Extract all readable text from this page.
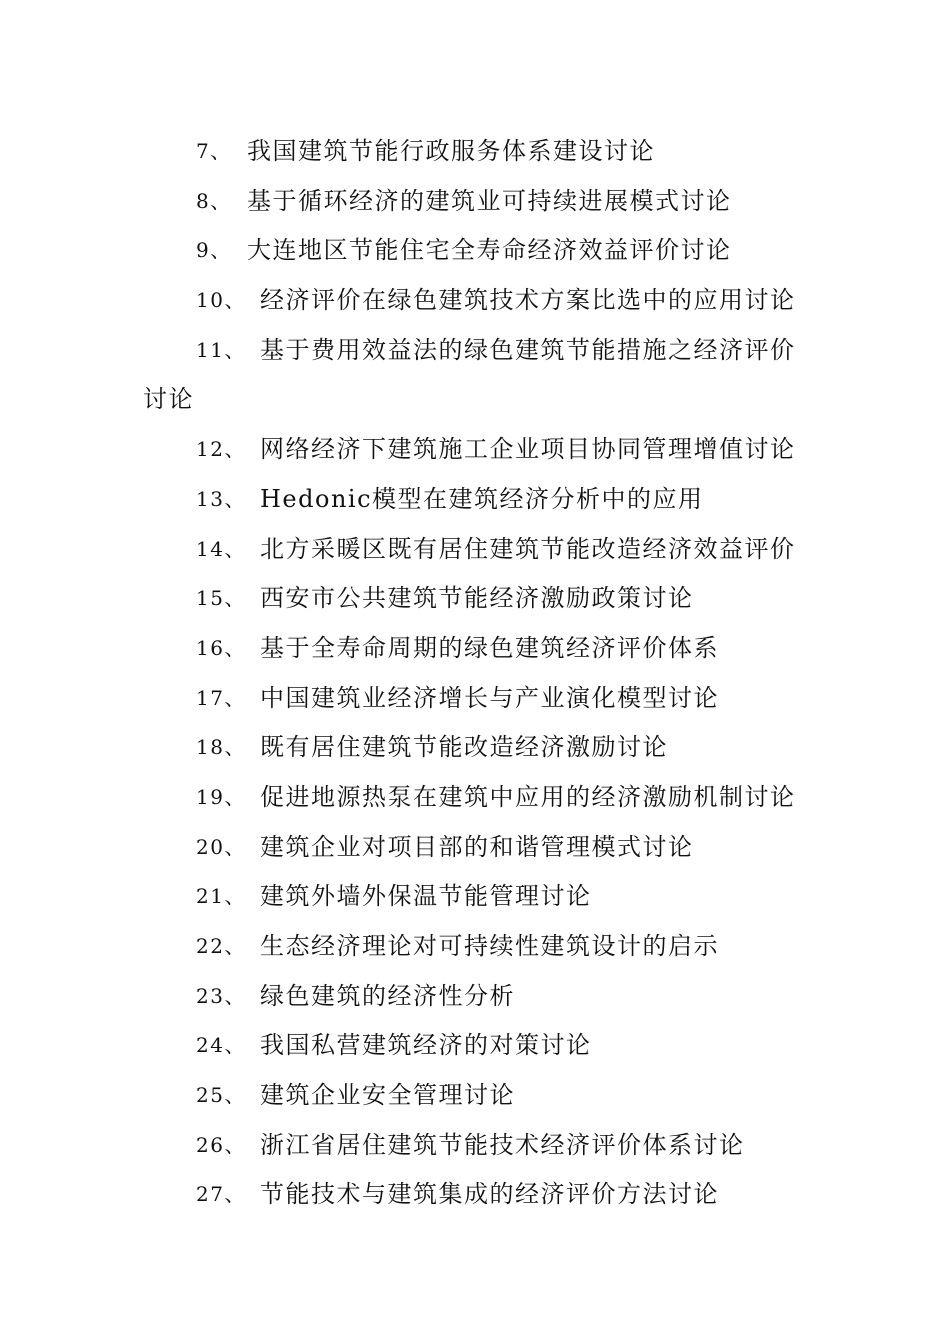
7、 我国建筑节能行政服务体系建设讨论
8、 基于循环经济的建筑业可持续进展模式讨论
9、 大连地区节能住宅全寿命经济效益评价讨论
10、 经济评价在绿色建筑技术方案比选中的应用讨论
11、 基于费用效益法的绿色建筑节能措施之经济评价
讨论
12、 网络经济下建筑施工企业项目协同管理增值讨论
13、 Hedonic模型在建筑经济分析中的应用
14、 北方采暖区既有居住建筑节能改造经济效益评价
15、 西安市公共建筑节能经济激励政策讨论
16、 基于全寿命周期的绿色建筑经济评价体系
17、 中国建筑业经济增长与产业演化模型讨论
18、 既有居住建筑节能改造经济激励讨论
19、 促进地源热泵在建筑中应用的经济激励机制讨论
20、 建筑企业对项目部的和谐管理模式讨论
21、 建筑外墙外保温节能管理讨论
22、 生态经济理论对可持续性建筑设计的启示
23、 绿色建筑的经济性分析
24、 我国私营建筑经济的对策讨论
25、 建筑企业安全管理讨论
26、 浙江省居住建筑节能技术经济评价体系讨论
27、 节能技术与建筑集成的经济评价方法讨论
